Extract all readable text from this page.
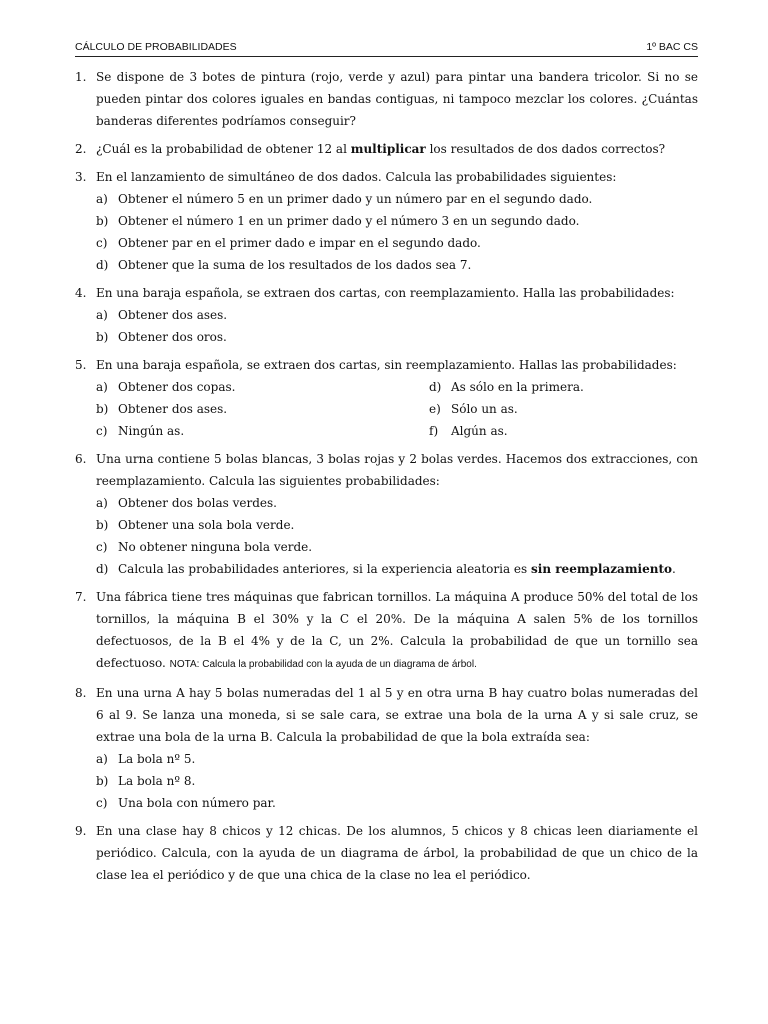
CÁLCULO DE PROBABILIDADES	1º BAC CS
1. Se dispone de 3 botes de pintura (rojo, verde y azul) para pintar una bandera tricolor. Si no se pueden pintar dos colores iguales en bandas contiguas, ni tampoco mezclar los colores. ¿Cuántas banderas diferentes podríamos conseguir?

2. ¿Cuál es la probabilidad de obtener 12 al multiplicar los resultados de dos dados correctos?

3. En el lanzamiento de simultáneo de dos dados. Calcula las probabilidades siguientes:

a) Obtener el número 5 en un primer dado y un número par en el segundo dado.
b) Obtener el número 1 en un primer dado y el número 3 en un segundo dado.
c) Obtener par en el primer dado e impar en el segundo dado.
d) Obtener que la suma de los resultados de los dados sea 7.
4. En una baraja española, se extraen dos cartas, con reemplazamiento. Halla las probabilidades:

a) Obtener dos ases.
b) Obtener dos oros.
5. En una baraja española, se extraen dos cartas, sin reemplazamiento. Hallas las probabilidades:

a) Obtener dos copas.	d) As sólo en la primera.
b) Obtener dos ases.	e) Sólo un as.
c) Ningún as.	f) Algún as.
6. Una urna contiene 5 bolas blancas, 3 bolas rojas y 2 bolas verdes. Hacemos dos extracciones, con reemplazamiento. Calcula las siguientes probabilidades:

a) Obtener dos bolas verdes.
b) Obtener una sola bola verde.
c) No obtener ninguna bola verde.
d) Calcula las probabilidades anteriores, si la experiencia aleatoria es sin reemplazamiento.
7. Una fábrica tiene tres máquinas que fabrican tornillos. La máquina A produce 50% del total de los tornillos, la máquina B el 30% y la C el 20%. De la máquina A salen 5% de los tornillos defectuosos, de la B el 4% y de la C, un 2%. Calcula la probabilidad de que un tornillo sea defectuoso. NOTA: Calcula la probabilidad con la ayuda de un diagrama de árbol.

8. En una urna A hay 5 bolas numeradas del 1 al 5 y en otra urna B hay cuatro bolas numeradas del 6 al 9. Se lanza una moneda, si se sale cara, se extrae una bola de la urna A y si sale cruz, se extrae una bola de la urna B. Calcula la probabilidad de que la bola extraída sea:

a) La bola nº 5.
b) La bola nº 8.
c) Una bola con número par.
9. En una clase hay 8 chicos y 12 chicas. De los alumnos, 5 chicos y 8 chicas leen diariamente el periódico. Calcula, con la ayuda de un diagrama de árbol, la probabilidad de que un chico de la clase lea el periódico y de que una chica de la clase no lea el periódico.
